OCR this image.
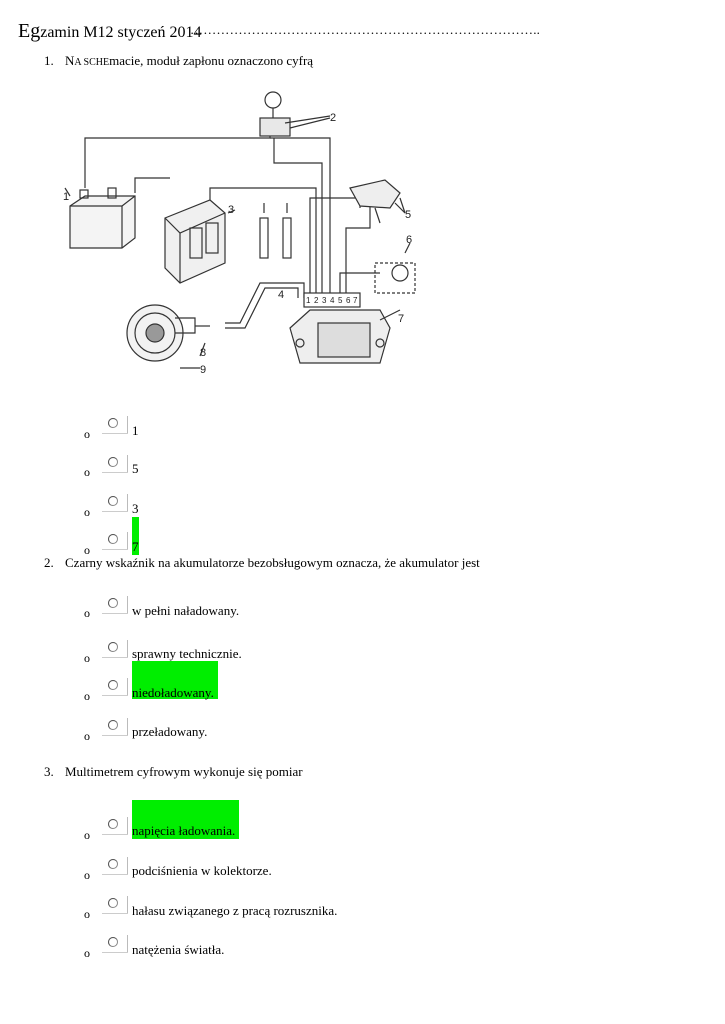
Egzamin M12 styczeń 2014
……………………………………………………………………..
1. NA SCHEmacie, moduł zapłonu oznaczono cyfrą
1
2
3
4
5
6
7
8
9
1 2 3 4 5 6 7
o	1
o	5
o	3
o	7
2. Czarny wskaźnik na akumulatorze bezobsługowym oznacza, że akumulator jest
o	w pełni naładowany.
o	sprawny technicznie.
o	niedoładowany.
o	przeładowany.
3. Multimetrem cyfrowym wykonuje się pomiar
o	napięcia ładowania.
o	podciśnienia w kolektorze.
o	hałasu związanego z pracą rozrusznika.
o	natężenia światła.
